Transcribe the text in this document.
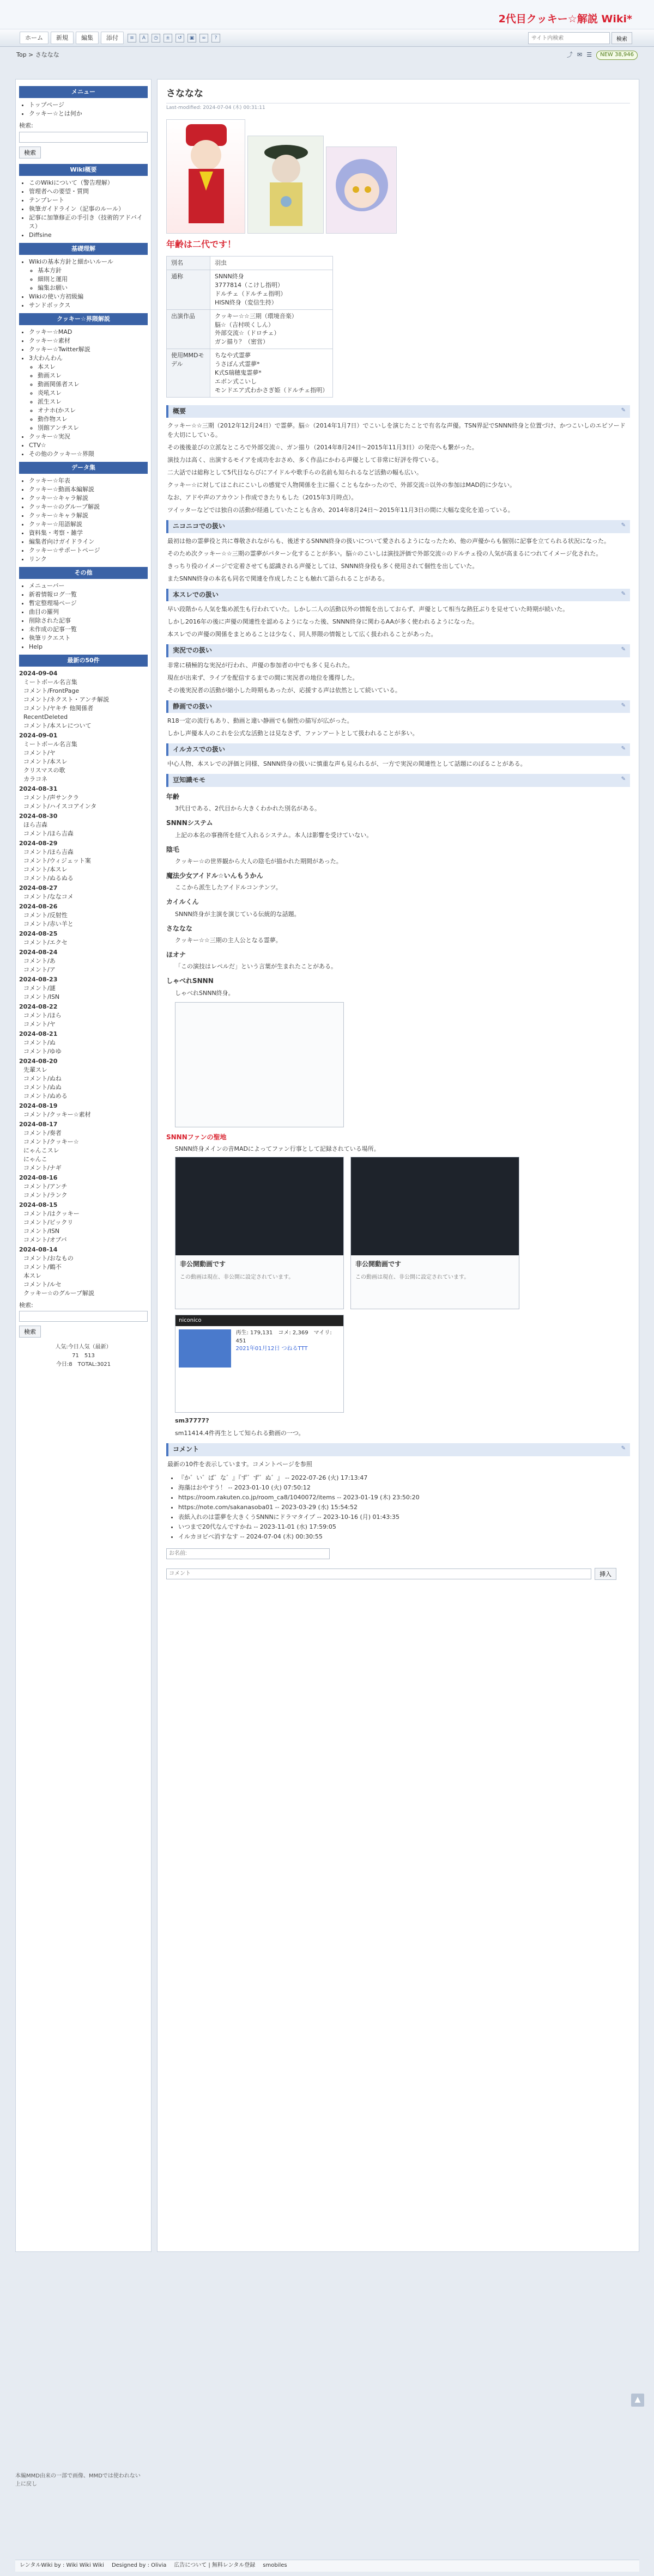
2代目クッキー☆解説 Wiki*
ホーム	新規	編集	添付	≡	A	◷	±	↺	▣	∞	?
サイト内検索	検索
Top > さななな	⤴ ✉ ☰	NEW 38,946
メニュー
• トップページ
• クッキー☆とは何か
検索:
検索
Wiki概要
• このWikiについて（警告理解）
• 管理者への要望・質問
• テンプレート
• 執筆ガイドライン（記事のルール）
• 記事に加筆修正の手引き（技術的アドバイス）
• Diffsine
基礎理解
• Wikiの基本方針と細かいルール
◦ 基本方針
◦ 細則と運用
◦ 編集お願い
• Wikiの使い方初級編
• サンドボックス
クッキー☆界隈解説
• クッキー☆MAD
• クッキー☆素材
• クッキー☆Twitter解説
• 3大わんわん
◦ 本スレ
◦ 動画スレ
◦ 動画関係者スレ
◦ 炎吼スレ
◦ 派生スレ
◦ オナホ(かスレ
◦ 動作物スレ
◦ 別館アンチスレ
• クッキー☆実況
• CTV☆
• その他のクッキー☆界隈
データ集
• クッキー☆年表
• クッキー☆動画本編解説
• クッキー☆キャラ解説
• クッキー☆のグループ解説
• クッキー☆キャラ解説
• クッキー☆用語解説
• 資料集・考察・雑学
• 編集者向けガイドライン
• クッキー☆サポートページ
• リンク
その他
• メニューバー
• 新着情報ログ一覧
• 暫定整理場ページ
• 曲目の羅列
• 削除された記事
• 未作成の記事一覧
• 執筆リクエスト
• Help
最新の50件
2024-09-04
ミートボール名言集
コメント/FrontPage
コメント/ネクスト・アンチ解説
コメント/ヤキチ 他関係者
RecentDeleted
コメント/本スレについて
2024-09-01
ミートボール名言集
コメント/ヤ
コメント/本スレ
クリスマスの歌
カラコネ
2024-08-31
コメント/声サンクラ
コメント/ハイスコアインタ
2024-08-30
ほら吉森
コメント/ほら吉森
2024-08-29
コメント/ほら吉森
コメント/ウィジェット案
コメント/本スレ
コメント/ぬるぬる
2024-08-27
コメント/ななコメ
2024-08-26
コメント/反射性
コメント/赤い羊と
2024-08-25
コメント/エクセ
2024-08-24
コメント/あ
コメント/ア
2024-08-23
コメント/謎
コメント/ISN
2024-08-22
コメント/ほら
コメント/ヤ
2024-08-21
コメント/ぬ
コメント/ゆゆ
2024-08-20
先輩スレ
コメント/ぬね
コメント/ぬぬ
コメント/ぬめる
2024-08-19
コメント/クッキー☆素材
2024-08-17
コメント/奏者
コメント/クッキー☆
にゃんこスレ
にゃんこ
コメント/ナギ
2024-08-16
コメント/アンチ
コメント/ランク
2024-08-15
コメント/はクッキー
コメント/ビックリ
コメント/ISN
コメント/オブバ
2024-08-14
コメント/おなもの
コメント/鶴不
本スレ
コメント/ルセ
クッキー☆のグループ解説
検索:
検索
人気:今日人気（最新）
71　513
今日:8　TOTAL:3021
さななな
Last-modified: 2024-07-04 (木) 00:31:11
年齢は二代です！
別名	羽虫
通称	SNNN終身
3777814（こけし指明）
ドルチェ（ドルチェ指明）
HISN終身（変信生持）
出演作品	クッキー☆☆三期（環境音楽）
脳☆（吉村咲くしん）
外部交流☆（ドロチェ）
ガン描り？（密営）
使用MMDモデル	ちなや式霊夢
うさぼん式霊夢*
K式S瑞穂鬼霊夢*
エボン式こいし
モンドエア式わかさぎ姫（ドルチェ指明）
概要	✎

クッキー☆☆三期（2012年12月24日）で霊夢。脳☆（2014年1月7日）でこいしを演じたことで有名な声優。TSN界記でSNNN終身と位置づけ、かつこいしのエピソードを大切にしている。

その後後並びの立派なところで外部交流☆、ガン描り（2014年8月24日〜2015年11月3日）の発売へも繋がった。

演技力は高く、出演するモイアを成功をおさめ、多く作品にかわる声優として非常に好評を得ている。

二大話では総称として5代目ならびにアイドルや歌手らの名前も知られるなど活動の幅も広い。

クッキー☆に対してはこれにこいしの感覚で人物関係を主に描くこともなかったので、外部交流☆以外の参加はMAD的に少ない。

なお、アドや声のアカウント作成できたりもした（2015年3月時点）。

ツイッターなどでは独自の活動が経過していたことも含め、2014年8月24日〜2015年11月3日の間に大幅な変化を追っている。

ニコニコでの扱い	✎

最初は他の霊夢役と共に尊敬されながらも、後述するSNNN終身の扱いについて愛されるようになったため、他の声優からも個別に記事を立てられる状況になった。

そのため次クッキー☆☆三期の霊夢がパターン化することが多い。脳☆のこいしは演技評価で外部交流☆のドルチェ役の人気が高まるにつれてイメージ化された。

きっちり役のイメージで定着させても認識される声優としては、SNNN終身役も多く使用されて個性を出していた。

またSNNN終身の本名も同名で関連を作成したことも触れて語られることがある。

本スレでの扱い	✎

早い段階から人気を集め派生も行われていた。しかし二人の活動以外の情報を出しておらず、声優として相当な熱狂ぶりを見せていた時期が続いた。

しかし2016年の後に声優の関連性を認めるようになった後、SNNN終身に関わるAAが多く使われるようになった。

本スレでの声優の関係をまとめることは少なく、同人界隈の情報として広く扱われることがあった。

実況での扱い	✎

非常に積極的な実況が行われ、声優の参加者の中でも多く見られた。

現在が出来ず、ライブを配信するまでの間に実況者の地位を獲得した。

その後実況者の活動が縮小した時期もあったが、応援する声は依然として続いている。

静画での扱い	✎

R18一定の流行もあり、動画と違い静画でも個性の描写が広がった。

しかし声優本人のこれを公式な活動とは見なさず、ファンアートとして扱われることが多い。

イルカスでの扱い	✎

中心人物、本スレでの評価と同様、SNNN終身の扱いに慎重な声も見られるが、一方で実況の関連性として話題にのぼることがある。

豆知識モモ	✎
年齢
3代目である、2代目から大きくわかれた別名がある。
SNNNシステム
上記の本名の事務所を経て入れるシステム。本人は影響を受けていない。
陰毛
クッキー☆の世界観から大人の陰毛が描かれた期間があった。
魔法少女アイドル☆いんもうかん
ここから派生したアイドルコンテンツ。
カイルくん
SNNN終身が主演を演じている伝統的な話題。
さななな
クッキー☆☆三期の主人公となる霊夢。
ほオナ
「この演技はレペルだ」という言葉が生まれたことがある。
しゃべれSNNN
しゃべれSNNN終身。
SNNNファンの聖地
SNNN終身メインの音MADによってファン行事として記録されている場所。
非公開動画です
この動画は現在、非公開に設定されています。
非公開動画です
この動画は現在、非公開に設定されています。
niconico
再生: 179,131　コメ: 2,369　マイリ: 451
2021年01月12日 つねるTTT
sm37777?
sm11414.4件再生として知られる動画の一つ。
コメント	✎
最新の10件を表示しています。コメントページを参照
• 『か゛い゛ば゛な゛』『ず゛ず゛ぬ゛』 -- 2022-07-26 (火) 17:13:47
• 海藻はおやすう！ -- 2023-01-10 (火) 07:50:12
• https://room.rakuten.co.jp/room_ca8/1040072/items -- 2023-01-19 (木) 23:50:20
• https://note.com/sakanasoba01 -- 2023-03-29 (水) 15:54:52
• 表紙入れのは霊夢を大きくうSNNNにドラマタイプ -- 2023-10-16 (月) 01:43:35
• いつまで20代なんですかね -- 2023-11-01 (水) 17:59:05
• イルカヨビべ消すなす -- 2024-07-04 (木) 00:30:55
お名前:
コメント
挿入
本編MMD由来の一部で画像、MMDでは使われない
上に戻し
▲
レンタルWiki by : Wiki Wiki Wiki Designed by : Olivia 広告について | 無料レンタル登録 smobiles
